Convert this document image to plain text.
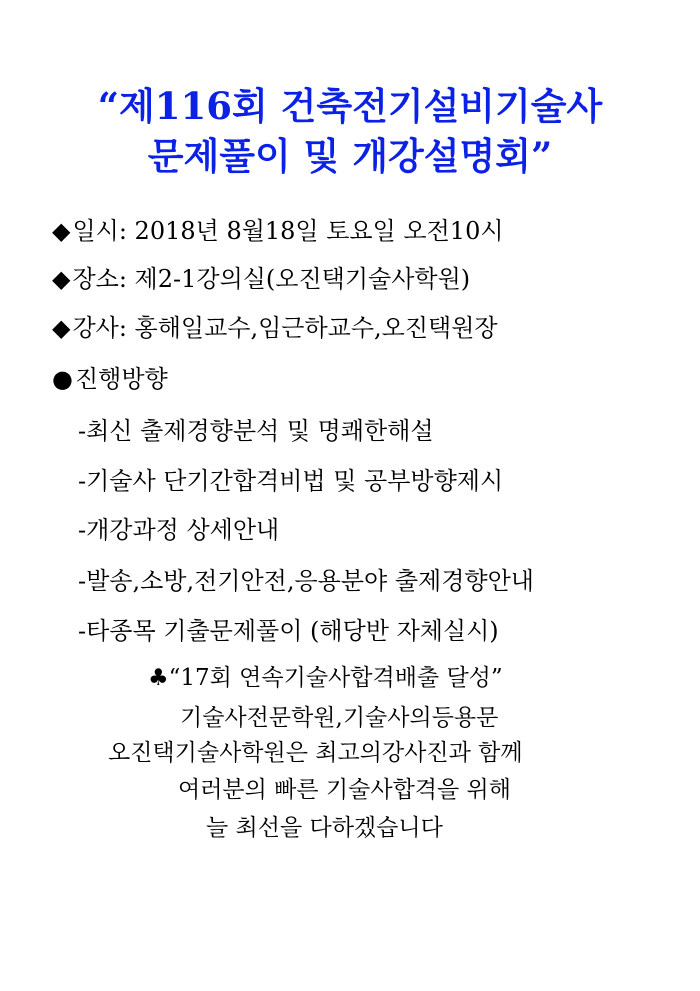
“제116회 건축전기설비기술사
문제풀이 및 개강설명회”
◆일시: 2018년 8월18일 토요일 오전10시
◆장소: 제2-1강의실(오진택기술사학원)
◆강사: 홍해일교수,임근하교수,오진택원장
●진행방향
-최신 출제경향분석 및 명쾌한해설
-기술사 단기간합격비법 및 공부방향제시
-개강과정 상세안내
-발송,소방,전기안전,응용분야 출제경향안내
-타종목 기출문제풀이 (해당반 자체실시)
♣“17회 연속기술사합격배출 달성”
기술사전문학원,기술사의등용문
오진택기술사학원은 최고의강사진과 함께
여러분의 빠른 기술사합격을 위해
늘 최선을 다하겠습니다
